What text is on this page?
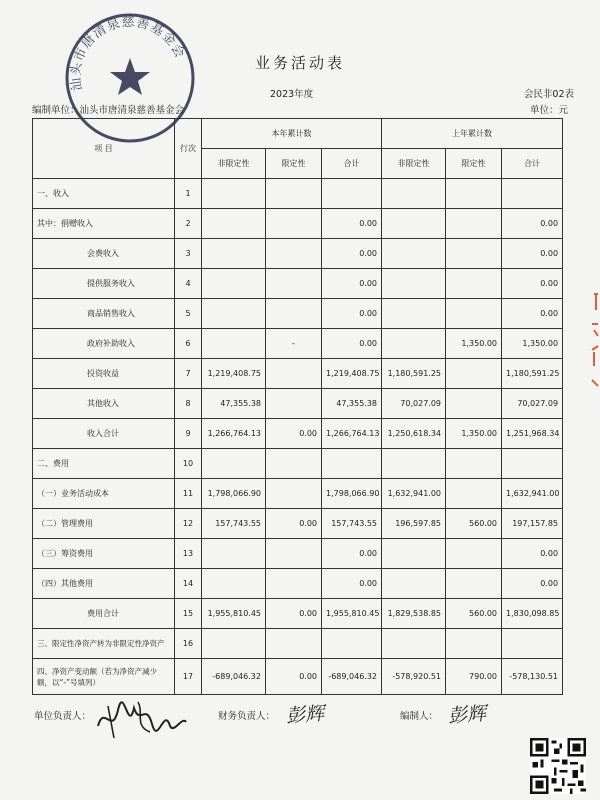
汕头市唐清泉慈善基金会
业务活动表
2023年度	会民非02表
编制单位：汕头市唐清泉慈善基金会	单位：元
项 目	行次	本年累计数			上年累计数		
		非限定性	限定性	合计	非限定性	限定性	合计
一、收入	1						
其中：捐赠收入	2			0.00			0.00
会费收入	3			0.00			0.00
提供服务收入	4			0.00			0.00
商品销售收入	5			0.00			0.00
政府补助收入	6		-	0.00		1,350.00	1,350.00
投资收益	7	1,219,408.75		1,219,408.75	1,180,591.25		1,180,591.25
其他收入	8	47,355.38		47,355.38	70,027.09		70,027.09
收入合计	9	1,266,764.13	0.00	1,266,764.13	1,250,618.34	1,350.00	1,251,968.34
二、费用	10						
（一）业务活动成本	11	1,798,066.90		1,798,066.90	1,632,941.00		1,632,941.00
（二）管理费用	12	157,743.55	0.00	157,743.55	196,597.85	560.00	197,157.85
（三）筹资费用	13			0.00			0.00
（四）其他费用	14			0.00			0.00
费用合计	15	1,955,810.45	0.00	1,955,810.45	1,829,538.85	560.00	1,830,098.85
三、限定性净资产转为非限定性净资产	16						
四、净资产变动额（若为净资产减少额，以“-”号填列）	17	-689,046.32	0.00	-689,046.32	-578,920.51	790.00	-578,130.51
单位负责人：	财务负责人： 彭辉	编制人： 彭辉
